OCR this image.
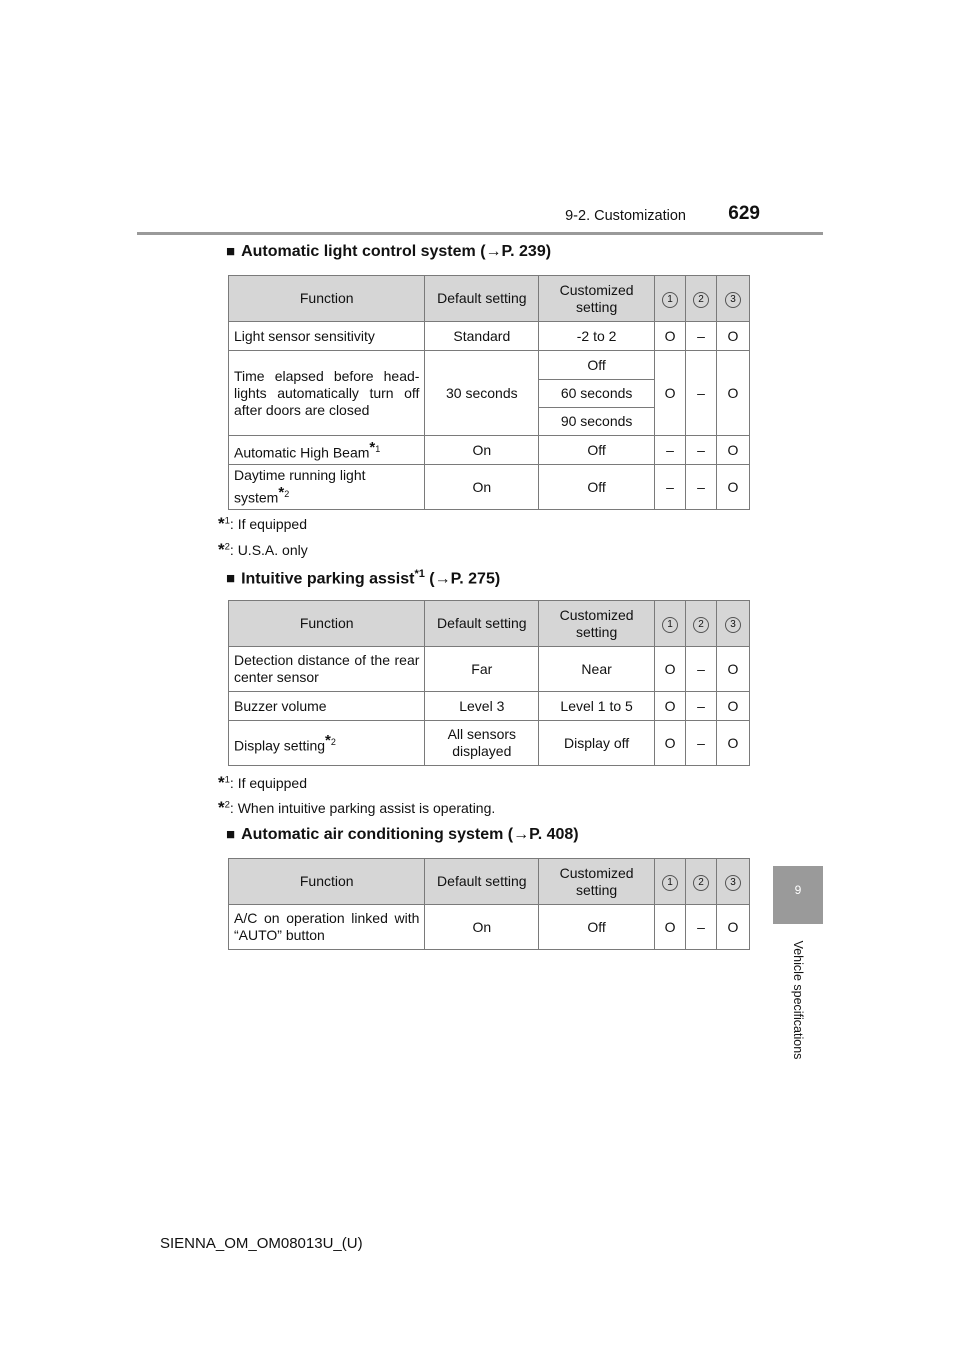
9-2. Customization	629
9
Vehicle specifications
■ Automatic light control system (→P. 239)
Function	Default setting	Customized setting	1	2	3
Light sensor sensitivity	Standard	-2 to 2	O	–	O
Time elapsed before head-lights automatically turn off after doors are closed	30 seconds	Off	O	–	O
		60 seconds			
		90 seconds			
Automatic High Beam$^{*1}$	On	Off	–	–	O
Daytime running light system$^{*2}$	On	Off	–	–	O
*$^1$: If equipped
*$^2$: U.S.A. only
■ Intuitive parking assist$^{*1}$ (→P. 275)
Function	Default setting	Customized setting	1	2	3
Detection distance of the rear center sensor	Far	Near	O	–	O
Buzzer volume	Level 3	Level 1 to 5	O	–	O
Display setting$^{*2}$	All sensors displayed	Display off	O	–	O
*$^1$: If equipped
*$^2$: When intuitive parking assist is operating.
■ Automatic air conditioning system (→P. 408)
Function	Default setting	Customized setting	1	2	3
A/C on operation linked with “AUTO” button	On	Off	O	–	O
SIENNA_OM_OM08013U_(U)
